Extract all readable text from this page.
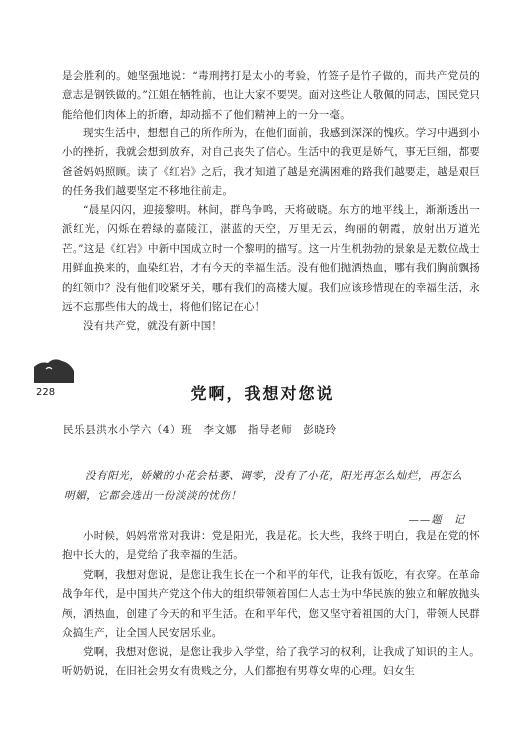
是会胜利的。她坚强地说：“毒刑拷打是太小的考验，竹签子是竹子做的，而共产党员的意志是钢铁做的。”江姐在牺牲前，也让大家不要哭。面对这些让人敬佩的同志，国民党只能给他们肉体上的折磨，却动摇不了他们精神上的一分一毫。

现实生活中，想想自己的所作所为，在他们面前，我感到深深的愧疚。学习中遇到小小的挫折，我就会想到放弃，对自己丧失了信心。生活中的我更是娇气，事无巨细，都要爸爸妈妈照顾。读了《红岩》之后，我才知道了越是充满困难的路我们越要走，越是艰巨的任务我们越要坚定不移地往前走。

“晨星闪闪，迎接黎明。林间，群鸟争鸣，天将破晓。东方的地平线上，渐渐透出一派红光，闪烁在碧绿的嘉陵江，湛蓝的天空，万里无云，绚丽的朝霞，放射出万道光芒。”这是《红岩》中新中国成立时一个黎明的描写。这一片生机勃勃的景象是无数位战士用鲜血换来的，血染红岩，才有今天的幸福生活。没有他们抛洒热血，哪有我们胸前飘扬的红领巾？没有他们咬紧牙关，哪有我们的高楼大厦。我们应该珍惜现在的幸福生活，永远不忘那些伟大的战士，将他们铭记在心！

没有共产党，就没有新中国！

228	党啊，我想对您说

民乐县洪水小学六（4）班　李文娜　指导老师　彭晓玲

没有阳光，娇嫩的小花会枯萎、调零，没有了小花，阳光再怎么灿烂，再怎么明媚，它都会选出一份淡淡的忧伤！

——题　记

小时候，妈妈常常对我讲：党是阳光，我是花。长大些，我终于明白，我是在党的怀抱中长大的，是党给了我幸福的生活。

党啊，我想对您说，是您让我生长在一个和平的年代，让我有饭吃，有衣穿。在革命战争年代，是中国共产党这个伟大的组织带领着国仁人志士为中华民族的独立和解放抛头颅，洒热血，创建了今天的和平生活。在和平年代，您又坚守着祖国的大门，带领人民群众搞生产，让全国人民安居乐业。

党啊，我想对您说，是您让我步入学堂，给了我学习的权利，让我成了知识的主人。听奶奶说，在旧社会男女有贵贱之分，人们都抱有男尊女卑的心理。妇女生
